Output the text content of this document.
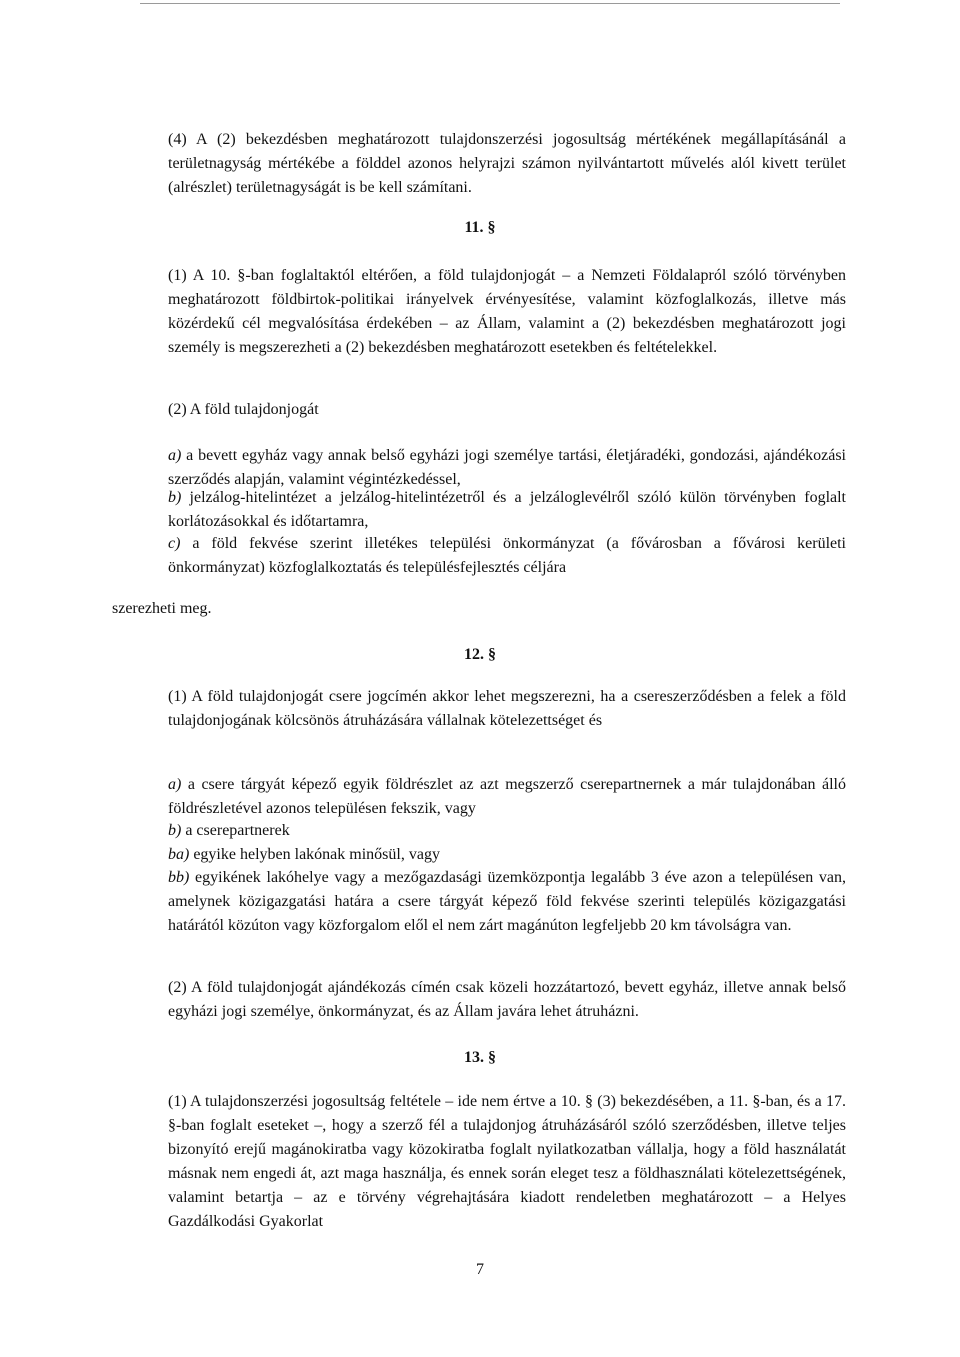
(4) A (2) bekezdésben meghatározott tulajdonszerzési jogosultság mértékének megállapításánál a területnagyság mértékébe a földdel azonos helyrajzi számon nyilvántartott művelés alól kivett terület (alrészlet) területnagyságát is be kell számítani.

11. §

(1) A 10. §-ban foglaltaktól eltérően, a föld tulajdonjogát – a Nemzeti Földalapról szóló törvényben meghatározott földbirtok-politikai irányelvek érvényesítése, valamint közfoglalkozás, illetve más közérdekű cél megvalósítása érdekében – az Állam, valamint a (2) bekezdésben meghatározott jogi személy is megszerezheti a (2) bekezdésben meghatározott esetekben és feltételekkel.

(2) A föld tulajdonjogát

a) a bevett egyház vagy annak belső egyházi jogi személye tartási, életjáradéki, gondozási, ajándékozási szerződés alapján, valamint végintézkedéssel,

b) jelzálog-hitelintézet a jelzálog-hitelintézetről és a jelzáloglevélről szóló külön törvényben foglalt korlátozásokkal és időtartamra,

c) a föld fekvése szerint illetékes települési önkormányzat (a fővárosban a fővárosi kerületi önkormányzat) közfoglalkoztatás és településfejlesztés céljára

szerezheti meg.

12. §

(1) A föld tulajdonjogát csere jogcímén akkor lehet megszerezni, ha a csereszerződésben a felek a föld tulajdonjogának kölcsönös átruházására vállalnak kötelezettséget és

a) a csere tárgyát képező egyik földrészlet az azt megszerző cserepartnernek a már tulajdonában álló földrészletével azonos településen fekszik, vagy

b) a cserepartnerek

ba) egyike helyben lakónak minősül, vagy

bb) egyikének lakóhelye vagy a mezőgazdasági üzemközpontja legalább 3 éve azon a településen van, amelynek közigazgatási határa a csere tárgyát képező föld fekvése szerinti település közigazgatási határától közúton vagy közforgalom elől el nem zárt magánúton legfeljebb 20 km távolságra van.

(2) A föld tulajdonjogát ajándékozás címén csak közeli hozzátartozó, bevett egyház, illetve annak belső egyházi jogi személye, önkormányzat, és az Állam javára lehet átruházni.

13. §

(1) A tulajdonszerzési jogosultság feltétele – ide nem értve a 10. § (3) bekezdésében, a 11. §-ban, és a 17. §-ban foglalt eseteket –, hogy a szerző fél a tulajdonjog átruházásáról szóló szerződésben, illetve teljes bizonyító erejű magánokiratba vagy közokiratba foglalt nyilatkozatban vállalja, hogy a föld használatát másnak nem engedi át, azt maga használja, és ennek során eleget tesz a földhasználati kötelezettségének, valamint betartja – az e törvény végrehajtására kiadott rendeletben meghatározott – a Helyes Gazdálkodási Gyakorlat

7
